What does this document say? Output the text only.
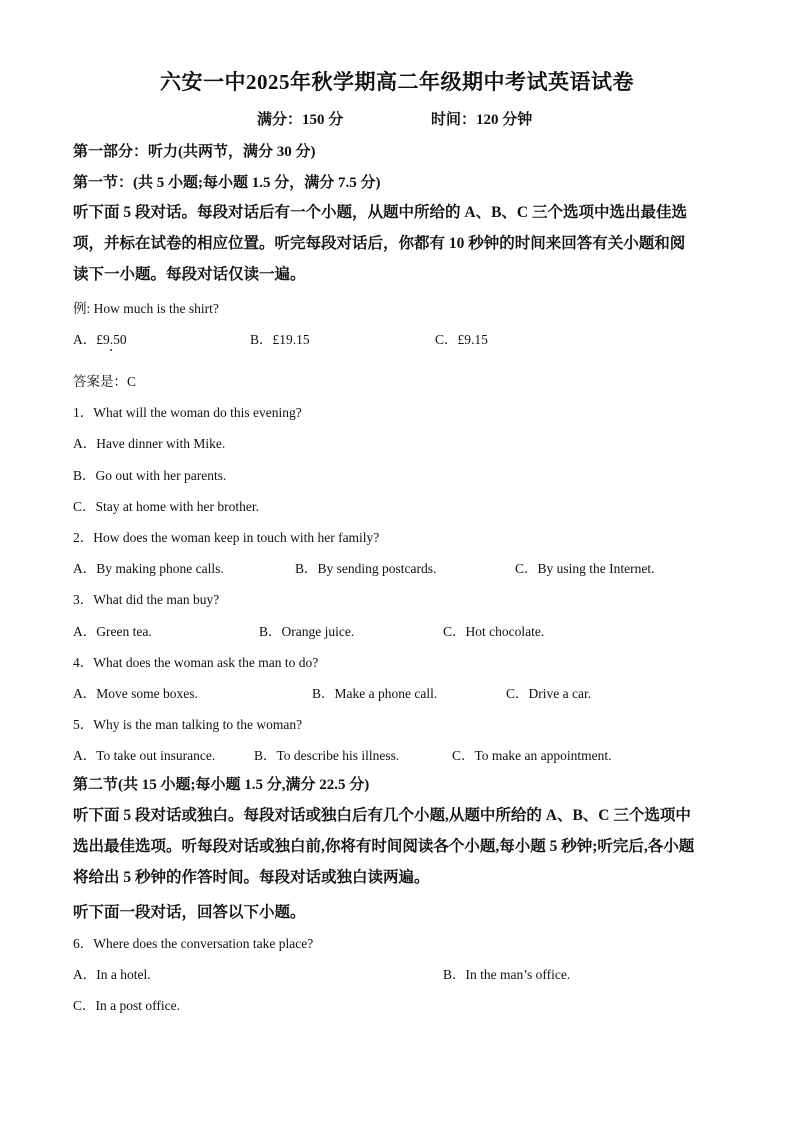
六安一中2025年秋学期高二年级期中考试英语试卷
满分：150 分	时间：120 分钟
第一部分：听力(共两节，满分 30 分)
第一节：(共 5 小题;每小题 1.5 分，满分 7.5 分)
听下面 5 段对话。每段对话后有一个小题，从题中所给的 A、B、C 三个选项中选出最佳选
项，并标在试卷的相应位置。听完每段对话后，你都有 10 秒钟的时间来回答有关小题和阅
读下一小题。每段对话仅读一遍。
例: How much is the shirt?
A．£9.50	B．£19.15	C．£9.15
答案是：C
1．What will the woman do this evening?
A．Have dinner with Mike.
B．Go out with her parents.
C．Stay at home with her brother.
2．How does the woman keep in touch with her family?
A．By making phone calls.	B．By sending postcards.	C．By using the Internet.
3．What did the man buy?
A．Green tea.	B．Orange juice.	C．Hot chocolate.
4．What does the woman ask the man to do?
A．Move some boxes.	B．Make a phone call.	C．Drive a car.
5．Why is the man talking to the woman?
A．To take out insurance.	B．To describe his illness.	C．To make an appointment.
第二节(共 15 小题;每小题 1.5 分,满分 22.5 分)
听下面 5 段对话或独白。每段对话或独白后有几个小题,从题中所给的 A、B、C 三个选项中
选出最佳选项。听每段对话或独白前,你将有时间阅读各个小题,每小题 5 秒钟;听完后,各小题
将给出 5 秒钟的作答时间。每段对话或独白读两遍。
听下面一段对话，回答以下小题。
6．Where does the conversation take place?
A．In a hotel.	B．In the man’s office.
C．In a post office.
